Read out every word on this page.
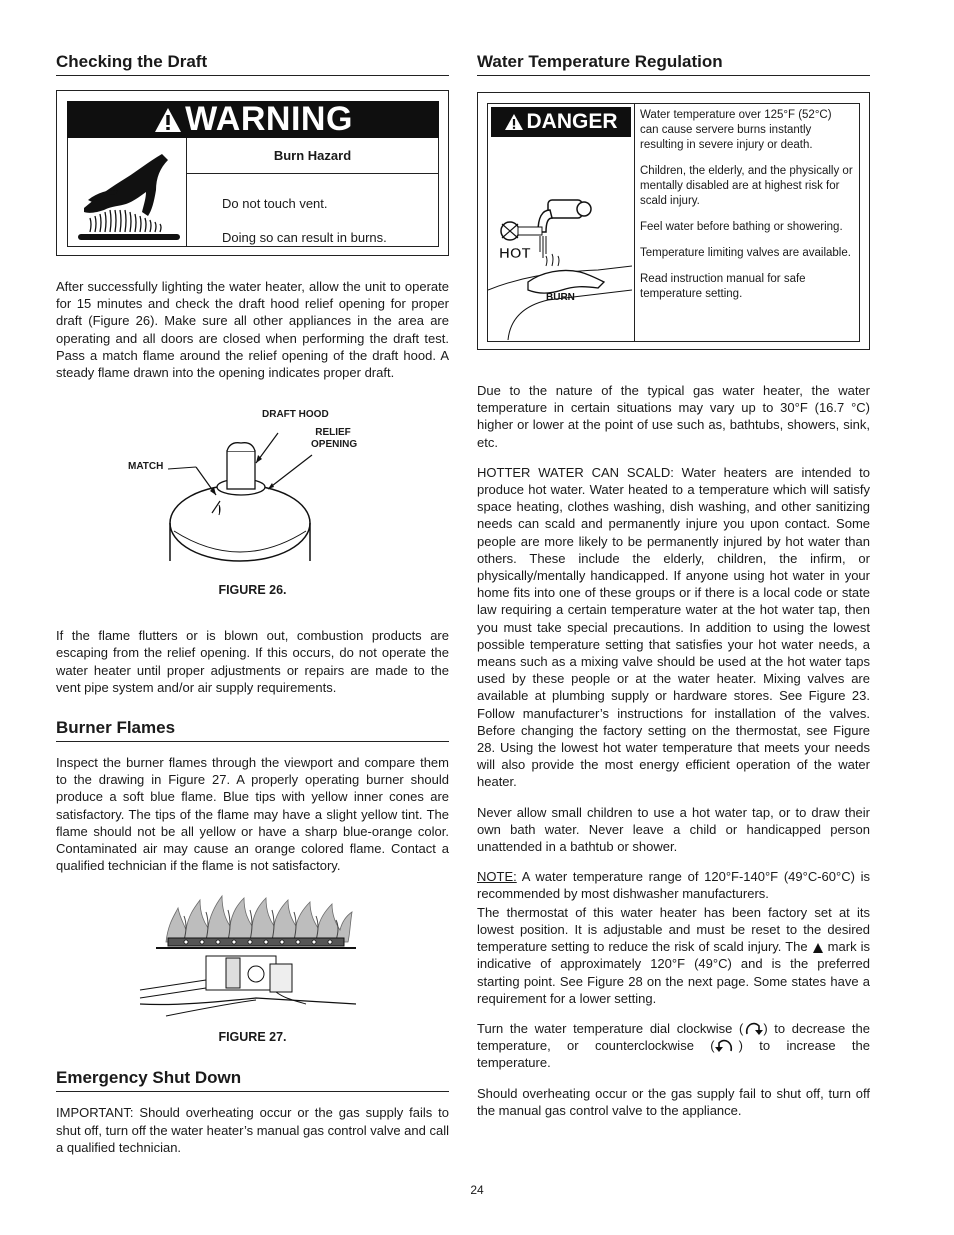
Checking the Draft
WARNING
Burn Hazard
Do not touch vent.
Doing so can result in burns.

After successfully lighting the water heater, allow the unit to operate for 15 minutes and check the draft hood relief opening for proper draft (Figure 26). Make sure all other appliances in the area are operating and all doors are closed when performing the draft test. Pass a match flame around the relief opening of the draft hood. A steady flame drawn into the opening indicates proper draft.

DRAFT HOOD
RELIEF
OPENING
MATCH
FIGURE 26.

If the flame flutters or is blown out, combustion products are escaping from the relief opening. If this occurs, do not operate the water heater until proper adjustments or repairs are made to the vent pipe system and/or air supply requirements.

Burner Flames

Inspect the burner flames through the viewport and compare them to the drawing in Figure 27. A properly operating burner should produce a soft blue flame. Blue tips with yellow inner cones are satisfactory. The tips of the flame may have a slight yellow tint. The flame should not be all yellow or have a sharp blue-orange color. Contaminated air may cause an orange colored flame. Contact a qualified technician if the flame is not satisfactory.

FIGURE 27.
Emergency Shut Down

IMPORTANT: Should overheating occur or the gas supply fails to shut off, turn off the water heater’s manual gas control valve and call a qualified technician.

Water Temperature Regulation
DANGER
HOT
BURN
Water temperature over 125°F (52°C) can cause servere burns instantly resulting in severe injury or death.
Children, the elderly, and the physically or mentally disabled are at highest risk for scald injury.
Feel water before bathing or showering.
Temperature limiting valves are available.
Read instruction manual for safe temperature setting.

Due to the nature of the typical gas water heater, the water temperature in certain situations may vary up to 30°F (16.7 °C) higher or lower at the point of use such as, bathtubs, showers, sink, etc.

HOTTER WATER CAN SCALD: Water heaters are intended to produce hot water. Water heated to a temperature which will satisfy space heating, clothes washing, dish washing, and other sanitizing needs can scald and permanently injure you upon contact. Some people are more likely to be permanently injured by hot water than others. These include the elderly, children, the infirm, or physically/mentally handicapped. If anyone using hot water in your home fits into one of these groups or if there is a local code or state law requiring a certain temperature water at the hot water tap, then you must take special precautions. In addition to using the lowest possible temperature setting that satisfies your hot water needs, a means such as a mixing valve should be used at the hot water taps used by these people or at the water heater. Mixing valves are available at plumbing supply or hardware stores. See Figure 23. Follow manufacturer’s instructions for installation of the valves. Before changing the factory setting on the thermostat, see Figure 28. Using the lowest hot water temperature that meets your needs will also provide the most energy efficient operation of the water heater.

Never allow small children to use a hot water tap, or to draw their own bath water. Never leave a child or handicapped person unattended in a bathtub or shower.

NOTE: A water temperature range of 120°F-140°F (49°C-60°C) is recommended by most dishwasher manufacturers.

The thermostat of this water heater has been factory set at its lowest position. It is adjustable and must be reset to the desired temperature setting to reduce the risk of scald injury. The  mark is indicative of approximately 120°F (49°C) and is the preferred starting point. See Figure 28 on the next page. Some states have a requirement for a lower setting.

Turn the water temperature dial clockwise ( ) to decrease the temperature, or counterclockwise ( ) to increase the temperature.

Should overheating occur or the gas supply fail to shut off, turn off the manual gas control valve to the appliance.

24
